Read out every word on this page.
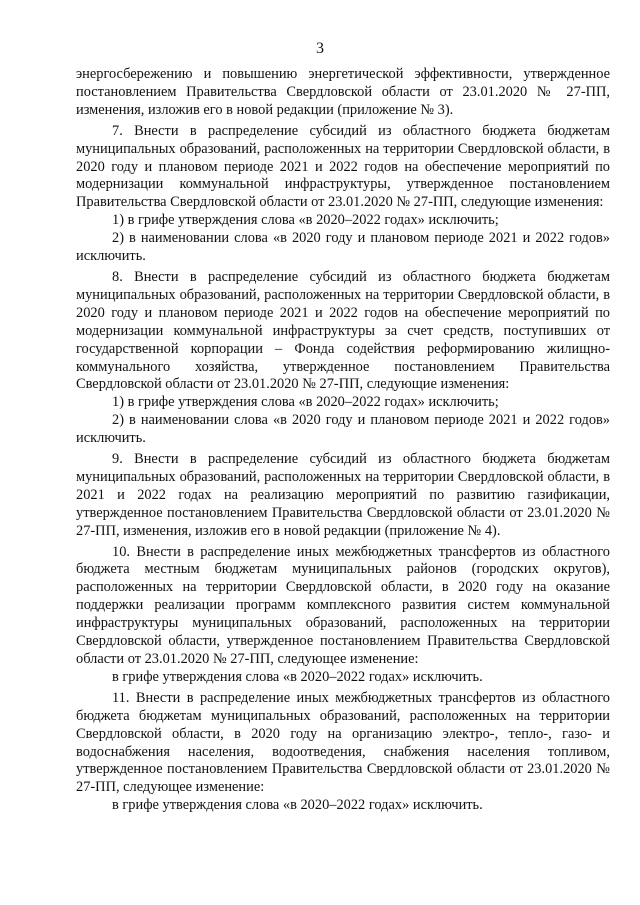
3

энергосбережению и повышению энергетической эффективности, утвержденное постановлением Правительства Свердловской области от 23.01.2020 № 27-ПП, изменения, изложив его в новой редакции (приложение № 3).

7. Внести в распределение субсидий из областного бюджета бюджетам муниципальных образований, расположенных на территории Свердловской области, в 2020 году и плановом периоде 2021 и 2022 годов на обеспечение мероприятий по модернизации коммунальной инфраструктуры, утвержденное постановлением Правительства Свердловской области от 23.01.2020 № 27-ПП, следующие изменения:

1) в грифе утверждения слова «в 2020–2022 годах» исключить;

2) в наименовании слова «в 2020 году и плановом периоде 2021 и 2022 годов» исключить.

8. Внести в распределение субсидий из областного бюджета бюджетам муниципальных образований, расположенных на территории Свердловской области, в 2020 году и плановом периоде 2021 и 2022 годов на обеспечение мероприятий по модернизации коммунальной инфраструктуры за счет средств, поступивших от государственной корпорации – Фонда содействия реформированию жилищно-коммунального хозяйства, утвержденное постановлением Правительства Свердловской области от 23.01.2020 № 27-ПП, следующие изменения:

1) в грифе утверждения слова «в 2020–2022 годах» исключить;

2) в наименовании слова «в 2020 году и плановом периоде 2021 и 2022 годов» исключить.

9. Внести в распределение субсидий из областного бюджета бюджетам муниципальных образований, расположенных на территории Свердловской области, в 2021 и 2022 годах на реализацию мероприятий по развитию газификации, утвержденное постановлением Правительства Свердловской области от 23.01.2020 № 27-ПП, изменения, изложив его в новой редакции (приложение № 4).

10. Внести в распределение иных межбюджетных трансфертов из областного бюджета местным бюджетам муниципальных районов (городских округов), расположенных на территории Свердловской области, в 2020 году на оказание поддержки реализации программ комплексного развития систем коммунальной инфраструктуры муниципальных образований, расположенных на территории Свердловской области, утвержденное постановлением Правительства Свердловской области от 23.01.2020 № 27-ПП, следующее изменение:

в грифе утверждения слова «в 2020–2022 годах» исключить.

11. Внести в распределение иных межбюджетных трансфертов из областного бюджета бюджетам муниципальных образований, расположенных на территории Свердловской области, в 2020 году на организацию электро-, тепло-, газо- и водоснабжения населения, водоотведения, снабжения населения топливом, утвержденное постановлением Правительства Свердловской области от 23.01.2020 № 27-ПП, следующее изменение:

в грифе утверждения слова «в 2020–2022 годах» исключить.
